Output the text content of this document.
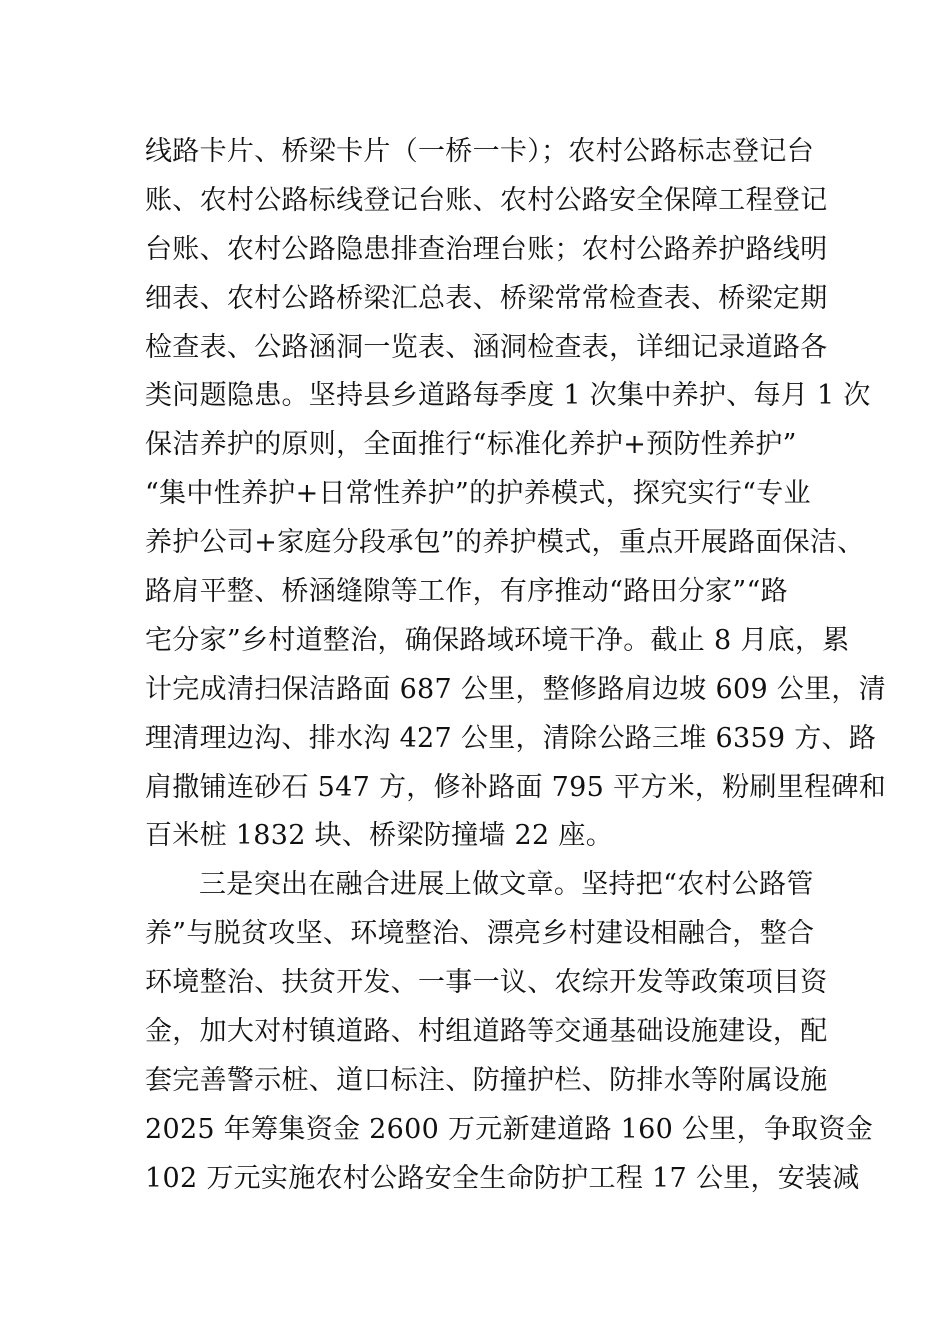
线路卡片、桥梁卡片（一桥一卡）；农村公路标志登记台
账、农村公路标线登记台账、农村公路安全保障工程登记
台账、农村公路隐患排查治理台账；农村公路养护路线明
细表、农村公路桥梁汇总表、桥梁常常检查表、桥梁定期
检查表、公路涵洞一览表、涵洞检查表，详细记录道路各
类问题隐患。坚持县乡道路每季度 1 次集中养护、每月 1 次
保洁养护的原则，全面推行“标准化养护+预防性养护”
“集中性养护+日常性养护”的护养模式，探究实行“专业
养护公司+家庭分段承包”的养护模式，重点开展路面保洁、
路肩平整、桥涵缝隙等工作，有序推动“路田分家”“路
宅分家”乡村道整治，确保路域环境干净。截止 8 月底，累
计完成清扫保洁路面 687 公里，整修路肩边坡 609 公里，清
理清理边沟、排水沟 427 公里，清除公路三堆 6359 方、路
肩撒铺连砂石 547 方，修补路面 795 平方米，粉刷里程碑和
百米桩 1832 块、桥梁防撞墙 22 座。
三是突出在融合进展上做文章。坚持把“农村公路管
养”与脱贫攻坚、环境整治、漂亮乡村建设相融合，整合
环境整治、扶贫开发、一事一议、农综开发等政策项目资
金，加大对村镇道路、村组道路等交通基础设施建设，配
套完善警示桩、道口标注、防撞护栏、防排水等附属设施
2025 年筹集资金 2600 万元新建道路 160 公里，争取资金
102 万元实施农村公路安全生命防护工程 17 公里，安装减
